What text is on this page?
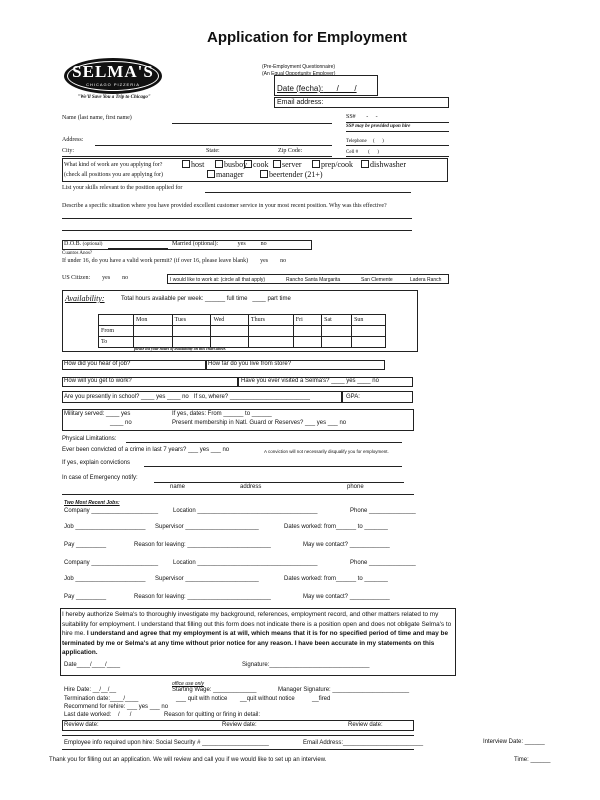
Application for Employment
SELMA'S
CHICAGO PIZZERIA
"We'll Save You a Trip to Chicago"
(Pre-Employment Questionnaire)
(An Equal Opportunity Employer)
Date (fecha):      /       /
Email address:
Name (last name, first name)	SS#       -     -
SS# may be provided upon hire
Address:	Telephone     (      )
City:	State:	Zip Code:	Cell #        (      )
What kind of work are you applying for?	host	busboy cook	server	prep/cook	dishwasher
(check all positions you are applying for)	manager	beertender (21+)
List your skills relevant to the position applied for
Describe a specific situation where you have provided excellent customer service in your most recent position. Why was this effective?
D.O.B. (optional)	Married (optional):	yes	no
Cuantos Anos?
If under 16, do you have a valid work permit? (if over 16, please leave blank) yes no
US Citizen: yes no	I would like to work at: (circle all that apply)	Rancho Santa Margarita	San Clemente	Ladera Ranch
Availability:	Total hours available per week: ______ full time   ____ part time
	Mon	Tues	Wed	Thurs	Fri	Sat	Sun
From							
To							
please list your hours of availability on this chart above.
How did you hear of job?	How far do you live from store?
How will you get to work?	Have you ever visited a Selma's? ____ yes ____ no
Are you presently in school? ____ yes ____ no If so, where? ________________________	GPA:
Military served: ____ yes
____ no
If yes, dates: From ______ to ______
Present membership in Natl. Guard or Reserves? ___ yes ___ no
Physical Limitations:
Ever been convicted of a crime in last 7 years? ___ yes ___ no	A conviction will not necessarily disqualify you for employment.
If yes, explain convictions
In case of Emergency notify:
name	address	phone
Two Most Recent Jobs:
Company ____________________ Location ____________________________________	Phone ______________
Job _____________________ Supervisor ______________________	Dates worked: from______ to _______
Pay _________	Reason for leaving: _________________________	May we contact? ____________
Company ____________________ Location ____________________________________	Phone ______________
Job _____________________ Supervisor ______________________	Dates worked: from______ to _______
Pay _________	Reason for leaving: _________________________	May we contact? ____________

I hereby authorize Selma's to thoroughly investigate my background, references, employment record, and other matters related to my suitability for employment. I understand that filling out this form does not indicate there is a position open and does not obligate Selma's to hire me. I understand and agree that my employment is at will, which means that it is for no specified period of time and may be terminated by me or Selma's at any time without prior notice for any reason. I have been accurate in my statements on this application.

Date____/____/____	Signature:______________________________
office use only
Hire Date: __/__/__	Starting Wage: _____________	Manager Signature: _______________________
Termination date:____/____	___ quit with notice __quit without notice	__fired
Recommend for rehire: ___ yes ___ no
Last date worked:    /      /	Reason for quitting or firing in detail:
Review date:	Review date:	Review date:
Employee info required upon hire: Social Security # ____________________	Email Address:________________________	Interview Date: ______
Thank you for filling out an application. We will review and call you if we would like to set up an interview.	Time: ______
